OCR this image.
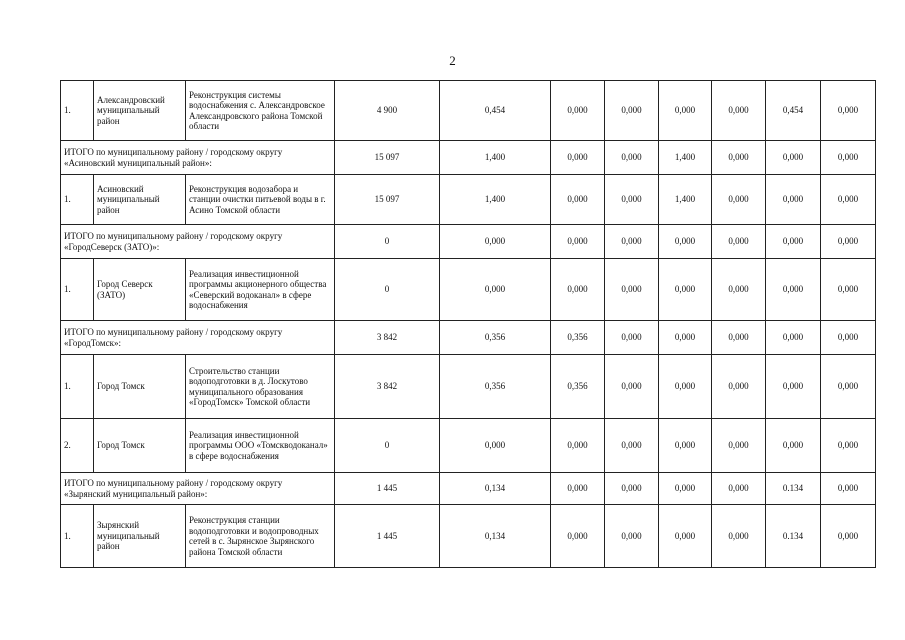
2
1.	Александровский муниципальный район	Реконструкция системы водоснабжения с. Александровское Александровского района Томской области	4 900	0,454	0,000	0,000	0,000	0,000	0,454	0,000
ИТОГО по муниципальному району / городскому округу «Асиновский муниципальный район»:			15 097	1,400	0,000	0,000	1,400	0,000	0,000	0,000
1.	Асиновский муниципальный район	Реконструкция водозабора и станции очистки питьевой воды в г. Асино Томской области	15 097	1,400	0,000	0,000	1,400	0,000	0,000	0,000
ИТОГО по муниципальному району / городскому округу «ГородСеверск (ЗАТО)»:			0	0,000	0,000	0,000	0,000	0,000	0,000	0,000
1.	Город Северск (ЗАТО)	Реализация инвестиционной программы акционерного общества «Северский водоканал» в сфере водоснабжения	0	0,000	0,000	0,000	0,000	0,000	0,000	0,000
ИТОГО по муниципальному району / городскому округу «ГородТомск»:			3 842	0,356	0,356	0,000	0,000	0,000	0,000	0,000
1.	Город Томск	Строительство станции водоподготовки в д. Лоскутово муниципального образования «ГородТомск» Томской области	3 842	0,356	0,356	0,000	0,000	0,000	0,000	0,000
2.	Город Томск	Реализация инвестиционной программы ООО «Томскводоканал» в сфере водоснабжения	0	0,000	0,000	0,000	0,000	0,000	0,000	0,000
ИТОГО по муниципальному району / городскому округу «Зырянский муниципальный район»:			1 445	0,134	0,000	0,000	0,000	0,000	0.134	0,000
1.	Зырянский муниципальный район	Реконструкция станции водоподготовки и водопроводных сетей в с. Зырянское Зырянского района Томской области	1 445	0,134	0,000	0,000	0,000	0,000	0.134	0,000
